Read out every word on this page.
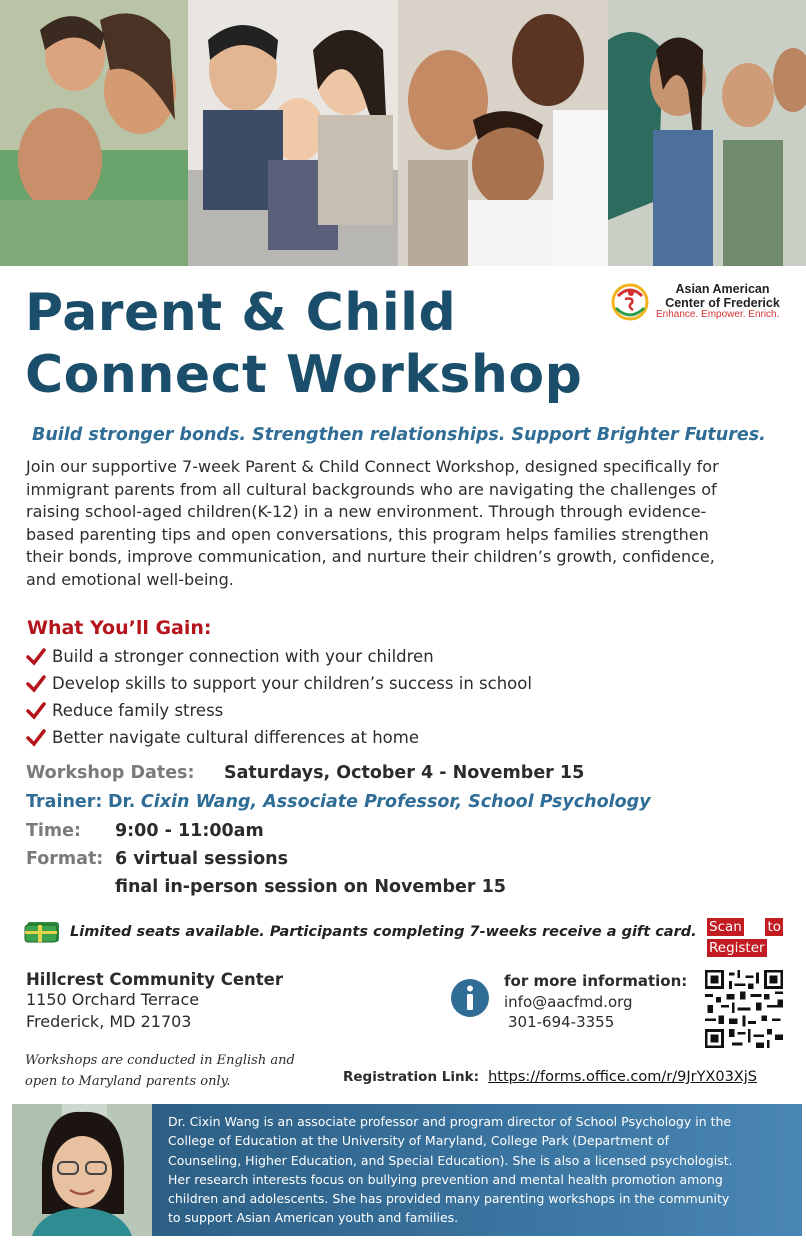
Parent & Child
Connect Workshop
Asian American
Center of Frederick
Enhance. Empower. Enrich.
Build stronger bonds. Strengthen relationships. Support Brighter Futures.
Join our supportive 7-week Parent & Child Connect Workshop, designed specifically for
immigrant parents from all cultural backgrounds who are navigating the challenges of
raising school-aged children(K-12) in a new environment. Through through evidence-
based parenting tips and open conversations, this program helps families strengthen
their bonds, improve communication, and nurture their children’s growth, confidence,
and emotional well-being.
What You’ll Gain:
Build a stronger connection with your children
Develop skills to support your children’s success in school
Reduce family stress
Better navigate cultural differences at home
Workshop Dates: Saturdays, October 4 - November 15
Trainer: Dr. Cixin Wang, Associate Professor, School Psychology
Time: 9:00 - 11:00am
Format: 6 virtual sessions
final in-person session on November 15
Limited seats available. Participants completing 7-weeks receive a gift card. Scan to
Register
Hillcrest Community Center
1150 Orchard Terrace
Frederick, MD 21703
for more information:
info@aacfmd.org
301-694-3355
Workshops are conducted in English and
open to Maryland parents only.	Registration Link: https://forms.office.com/r/9JrYX03XjS
Dr. Cixin Wang is an associate professor and program director of School Psychology in the
College of Education at the University of Maryland, College Park (Department of
Counseling, Higher Education, and Special Education). She is also a licensed psychologist.
Her research interests focus on bullying prevention and mental health promotion among
children and adolescents. She has provided many parenting workshops in the community
to support Asian American youth and families.
